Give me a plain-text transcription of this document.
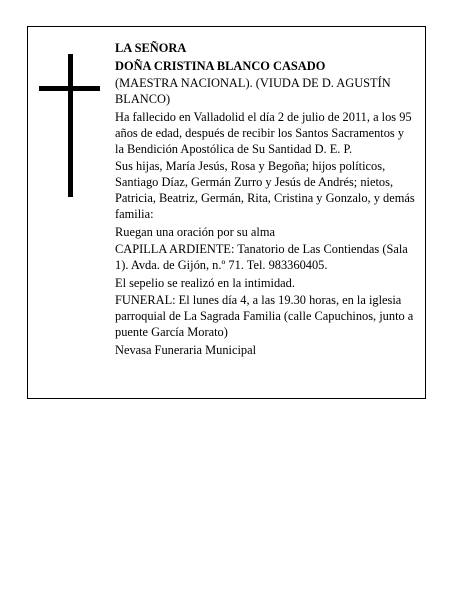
LA SEÑORA

DOÑA CRISTINA BLANCO CASADO

(MAESTRA NACIONAL). (VIUDA DE D. AGUSTÍN BLANCO)

Ha fallecido en Valladolid el día 2 de julio de 2011, a los 95 años de edad, después de recibir los Santos Sacramentos y la Bendición Apostólica de Su Santidad D. E. P.

Sus hijas, María Jesús, Rosa y Begoña; hijos políticos, Santiago Díaz, Germán Zurro y Jesús de Andrés; nietos, Patricia, Beatriz, Germán, Rita, Cristina y Gonzalo, y demás familia:

Ruegan una oración por su alma

CAPILLA ARDIENTE: Tanatorio de Las Contiendas (Sala 1). Avda. de Gijón, n.º 71. Tel. 983360405.

El sepelio se realizó en la intimidad.

FUNERAL: El lunes día 4, a las 19.30 horas, en la iglesia parroquial de La Sagrada Familia (calle Capuchinos, junto a puente García Morato)

Nevasa Funeraria Municipal
